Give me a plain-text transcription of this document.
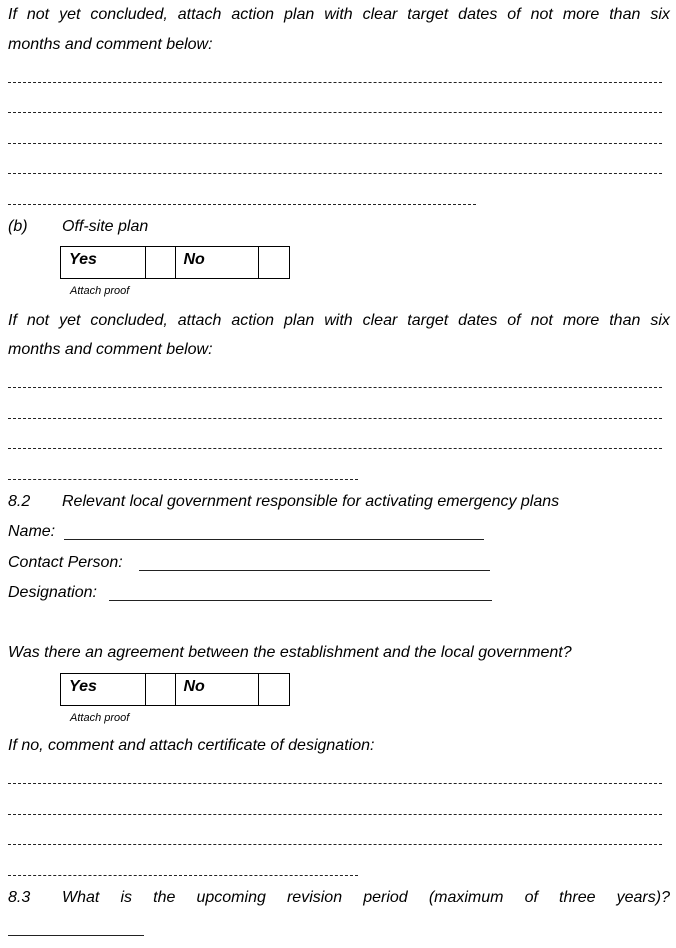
If not yet concluded, attach action plan with clear target dates of not more than six
months and comment below:
(b) Off-site plan
Yes	No
Attach proof
If not yet concluded, attach action plan with clear target dates of not more than six
months and comment below:
8.2 Relevant local government responsible for activating emergency plans
Name:
Contact Person:
Designation:
Was there an agreement between the establishment and the local government?
Yes	No
Attach proof
If no, comment and attach certificate of designation:
8.3 What is the upcoming revision period (maximum of three years)?
